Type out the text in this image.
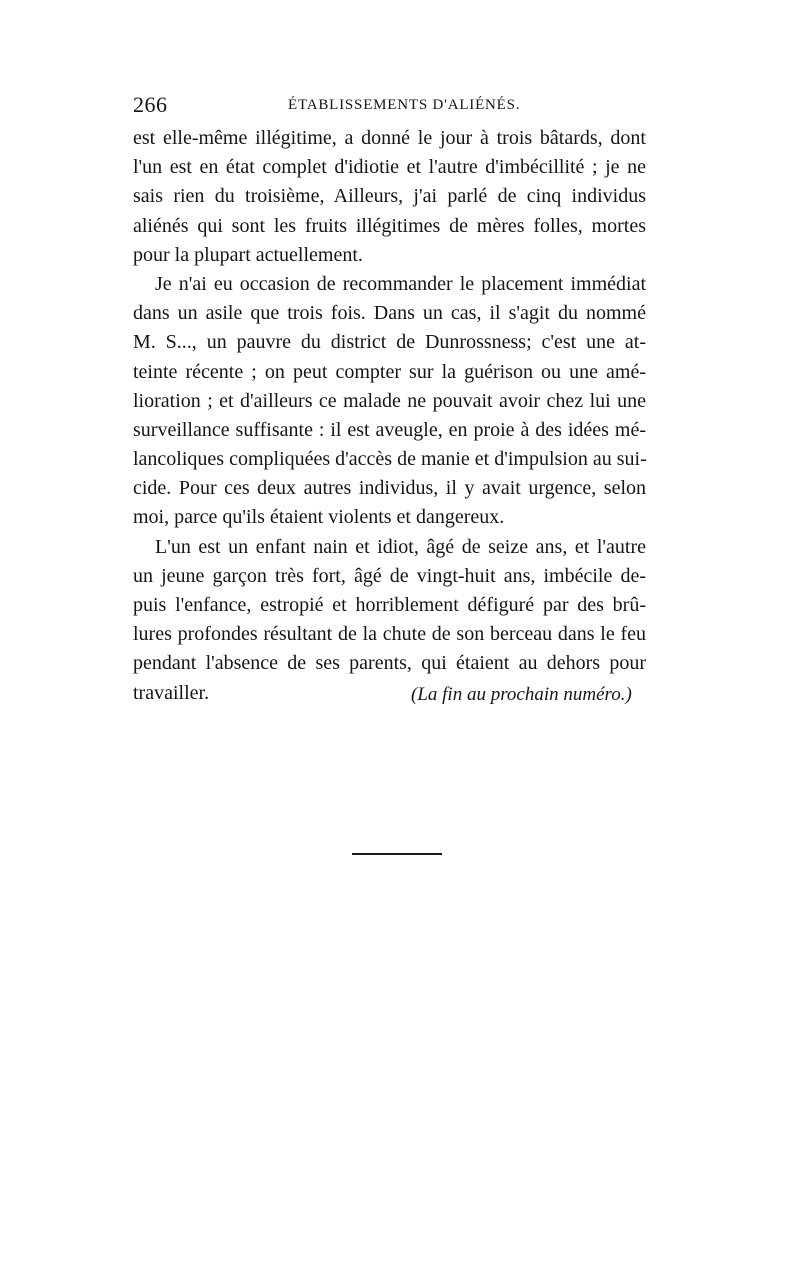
266	ÉTABLISSEMENTS D'ALIÉNÉS.
est elle-même illégitime, a donné le jour à trois bâtards, dont
l'un est en état complet d'idiotie et l'autre d'imbécillité ; je ne
sais rien du troisième, Ailleurs, j'ai parlé de cinq individus
aliénés qui sont les fruits illégitimes de mères folles, mortes
pour la plupart actuellement.
Je n'ai eu occasion de recommander le placement immédiat
dans un asile que trois fois. Dans un cas, il s'agit du nommé
M. S..., un pauvre du district de Dunrossness; c'est une at-
teinte récente ; on peut compter sur la guérison ou une amé-
lioration ; et d'ailleurs ce malade ne pouvait avoir chez lui une
surveillance suffisante : il est aveugle, en proie à des idées mé-
lancoliques compliquées d'accès de manie et d'impulsion au sui-
cide. Pour ces deux autres individus, il y avait urgence, selon
moi, parce qu'ils étaient violents et dangereux.
L'un est un enfant nain et idiot, âgé de seize ans, et l'autre
un jeune garçon très fort, âgé de vingt-huit ans, imbécile de-
puis l'enfance, estropié et horriblement défiguré par des brû-
lures profondes résultant de la chute de son berceau dans le feu
pendant l'absence de ses parents, qui étaient au dehors pour
travailler.	(La fin au prochain numéro.)
